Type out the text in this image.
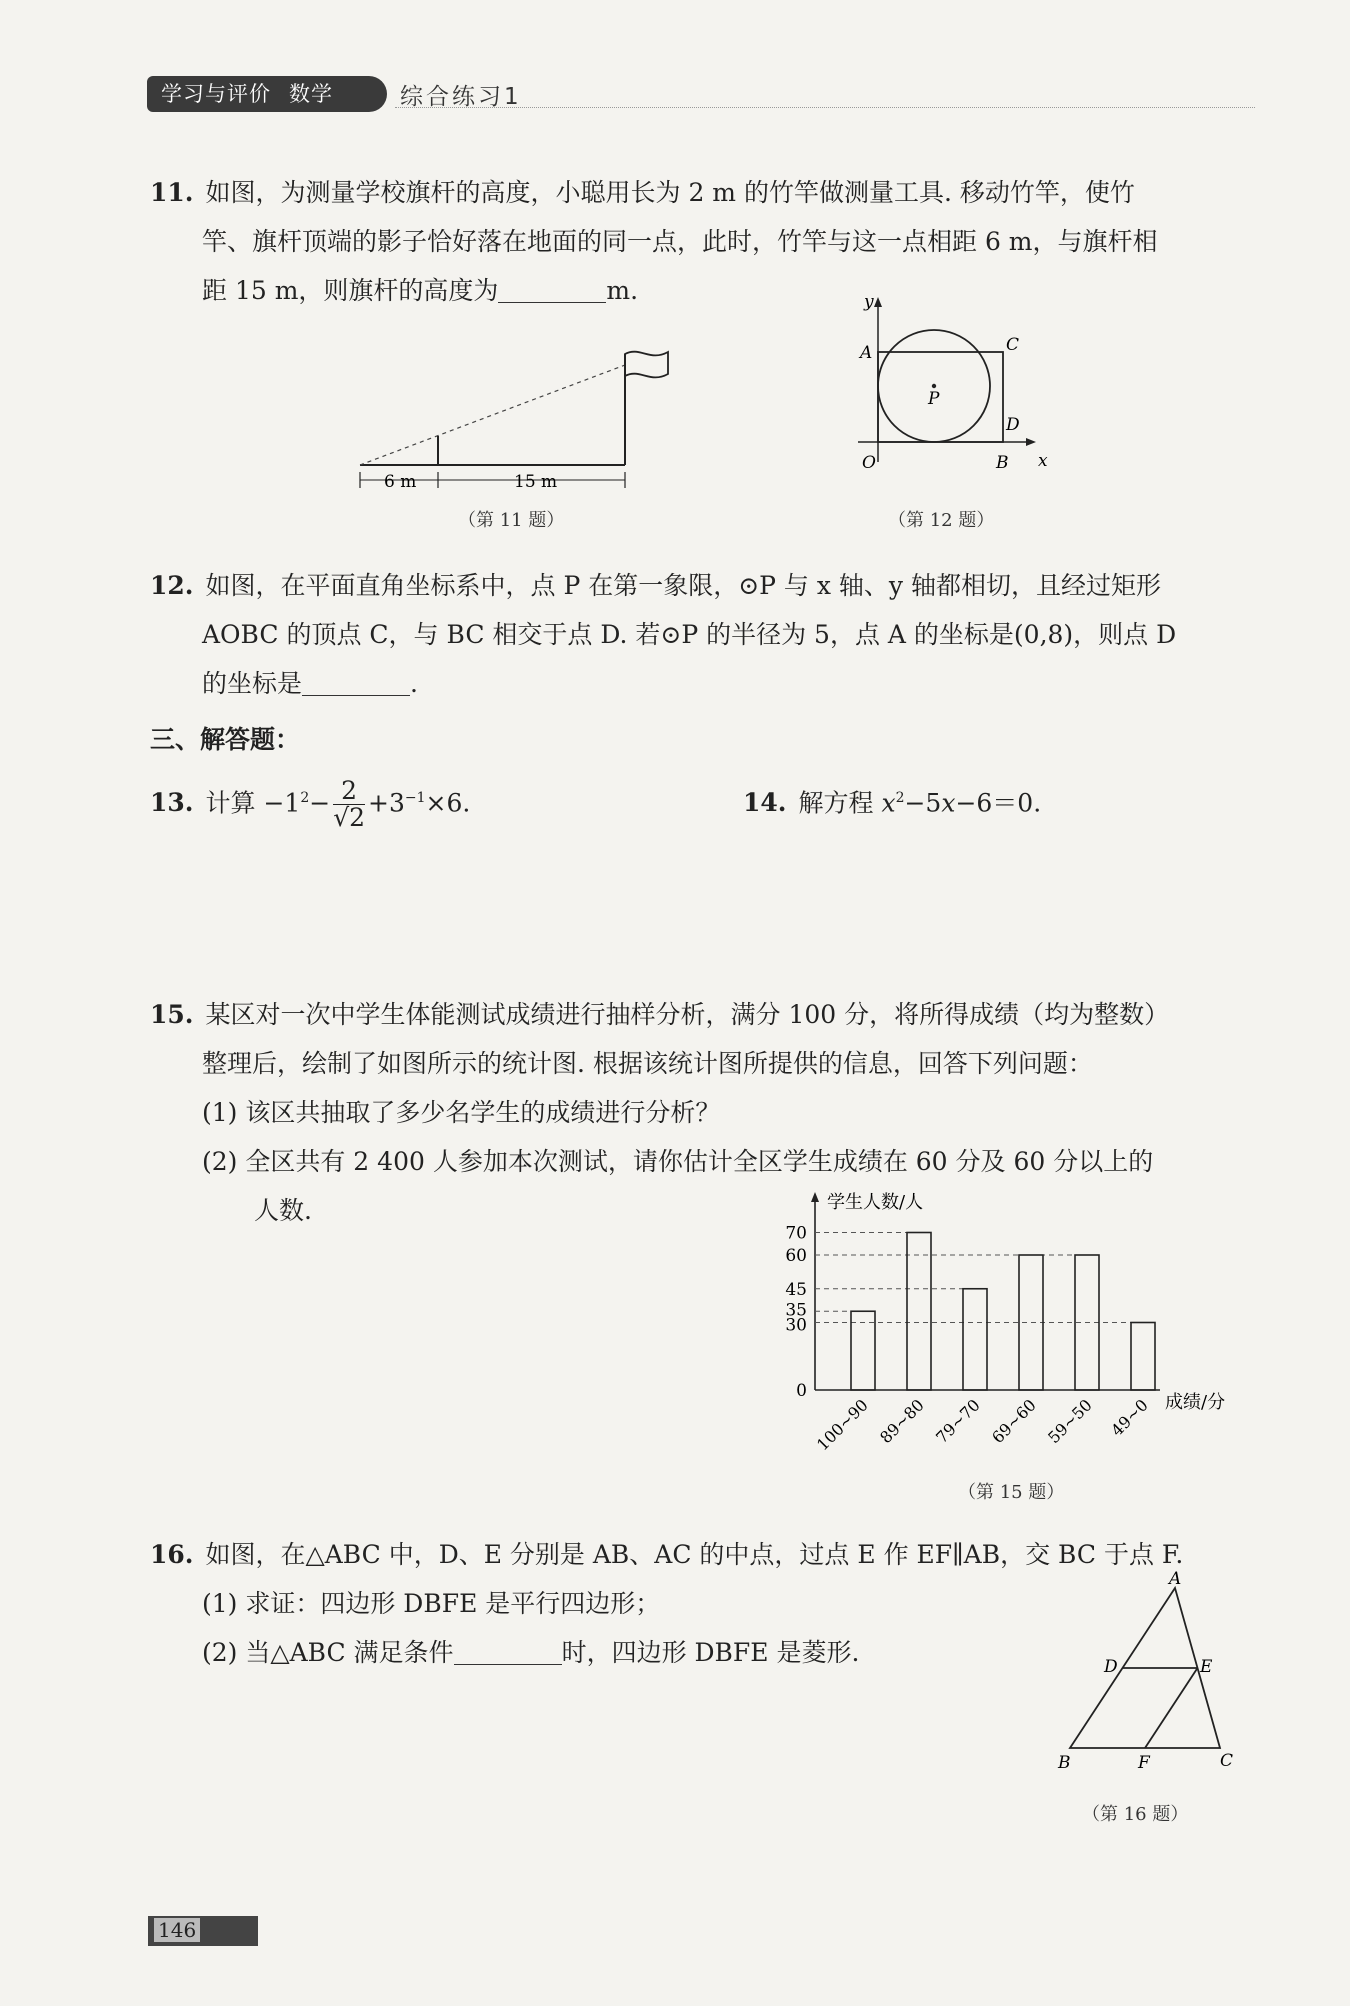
学习与评价 数学	综合练习1
11. 如图，为测量学校旗杆的高度，小聪用长为 2 m 的竹竿做测量工具. 移动竹竿，使竹
竿、旗杆顶端的影子恰好落在地面的同一点，此时，竹竿与这一点相距 6 m，与旗杆相
距 15 m，则旗杆的高度为	m.
6 m	15 m
（第 11 题）
y
x
A	C
P
D
O	B
（第 12 题）
12. 如图，在平面直角坐标系中，点 P 在第一象限，⊙P 与 x 轴、y 轴都相切，且经过矩形
AOBC 的顶点 C，与 BC 相交于点 D. 若⊙P 的半径为 5，点 A 的坐标是(0,8)，则点 D
的坐标是	.
三、解答题：
13. 计算 $-1^2- \frac{2}{√2} +3^{-1}\times 6$.	14. 解方程 $x^2-5x-6=0$.
15. 某区对一次中学生体能测试成绩进行抽样分析，满分 100 分，将所得成绩（均为整数）
整理后，绘制了如图所示的统计图. 根据该统计图所提供的信息，回答下列问题：
(1) 该区共抽取了多少名学生的成绩进行分析？
(2) 全区共有 2 400 人参加本次测试，请你估计全区学生成绩在 60 分及 60 分以上的
人数.	学生人数/人
成绩/分
0
30
35
45
60
70
100~90 89~80 79~70 69~60 59~50 49~0
（第 15 题）
16. 如图，在△ABC 中，D、E 分别是 AB、AC 的中点，过点 E 作 EF∥AB，交 BC 于点 F.
(1) 求证：四边形 DBFE 是平行四边形；
(2) 当△ABC 满足条件	时，四边形 DBFE 是菱形.
A
D	E
B	F	C
（第 16 题）
146
